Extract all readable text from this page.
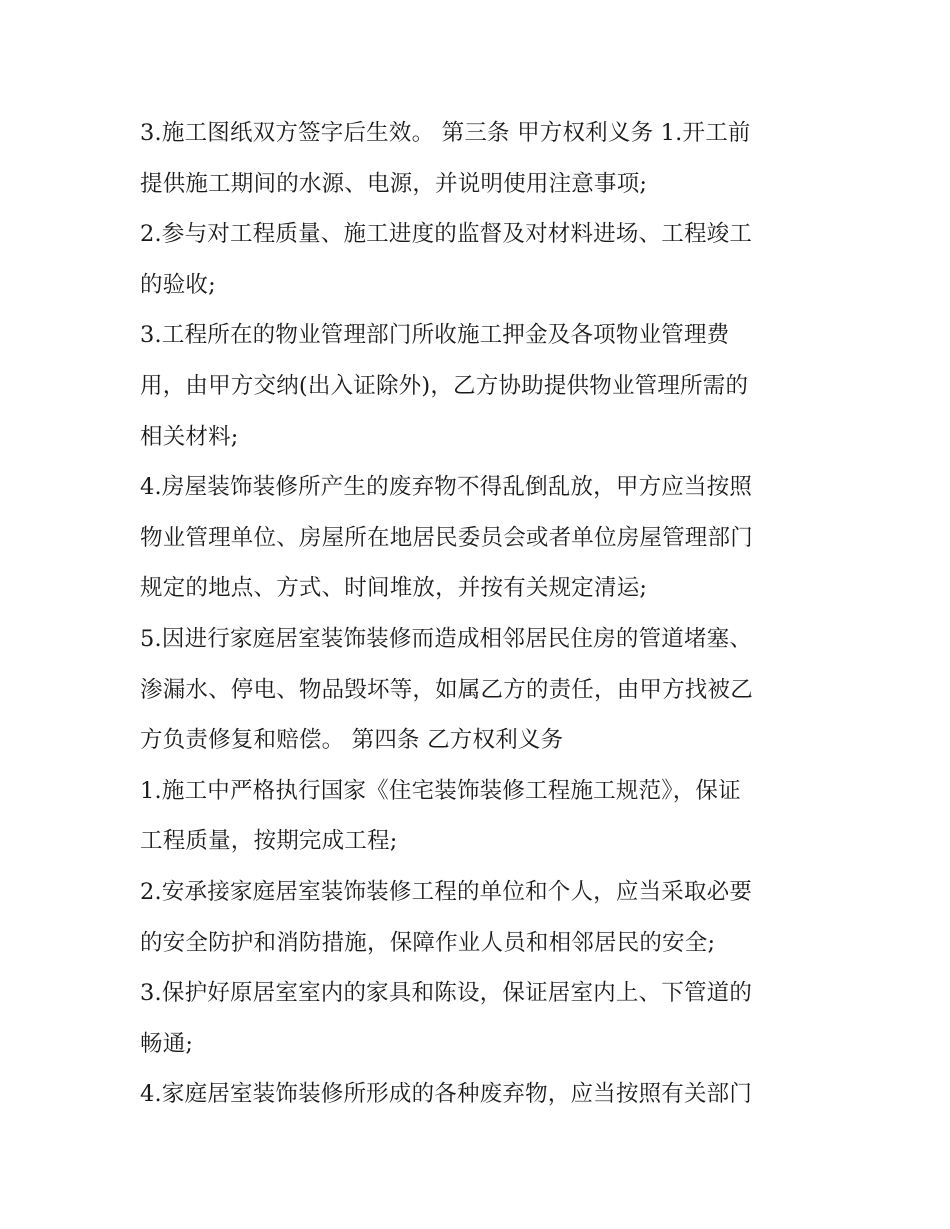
3.施工图纸双方签字后生效。 第三条 甲方权利义务 1.开工前
提供施工期间的水源、电源，并说明使用注意事项;
2.参与对工程质量、施工进度的监督及对材料进场、工程竣工
的验收;
3.工程所在的物业管理部门所收施工押金及各项物业管理费
用，由甲方交纳(出入证除外)，乙方协助提供物业管理所需的
相关材料;
4.房屋装饰装修所产生的废弃物不得乱倒乱放，甲方应当按照
物业管理单位、房屋所在地居民委员会或者单位房屋管理部门
规定的地点、方式、时间堆放，并按有关规定清运;
5.因进行家庭居室装饰装修而造成相邻居民住房的管道堵塞、
渗漏水、停电、物品毁坏等，如属乙方的责任，由甲方找被乙
方负责修复和赔偿。 第四条 乙方权利义务
1.施工中严格执行国家《住宅装饰装修工程施工规范》，保证
工程质量，按期完成工程;
2.安承接家庭居室装饰装修工程的单位和个人，应当采取必要
的安全防护和消防措施，保障作业人员和相邻居民的安全;
3.保护好原居室室内的家具和陈设，保证居室内上、下管道的
畅通;
4.家庭居室装饰装修所形成的各种废弃物，应当按照有关部门
